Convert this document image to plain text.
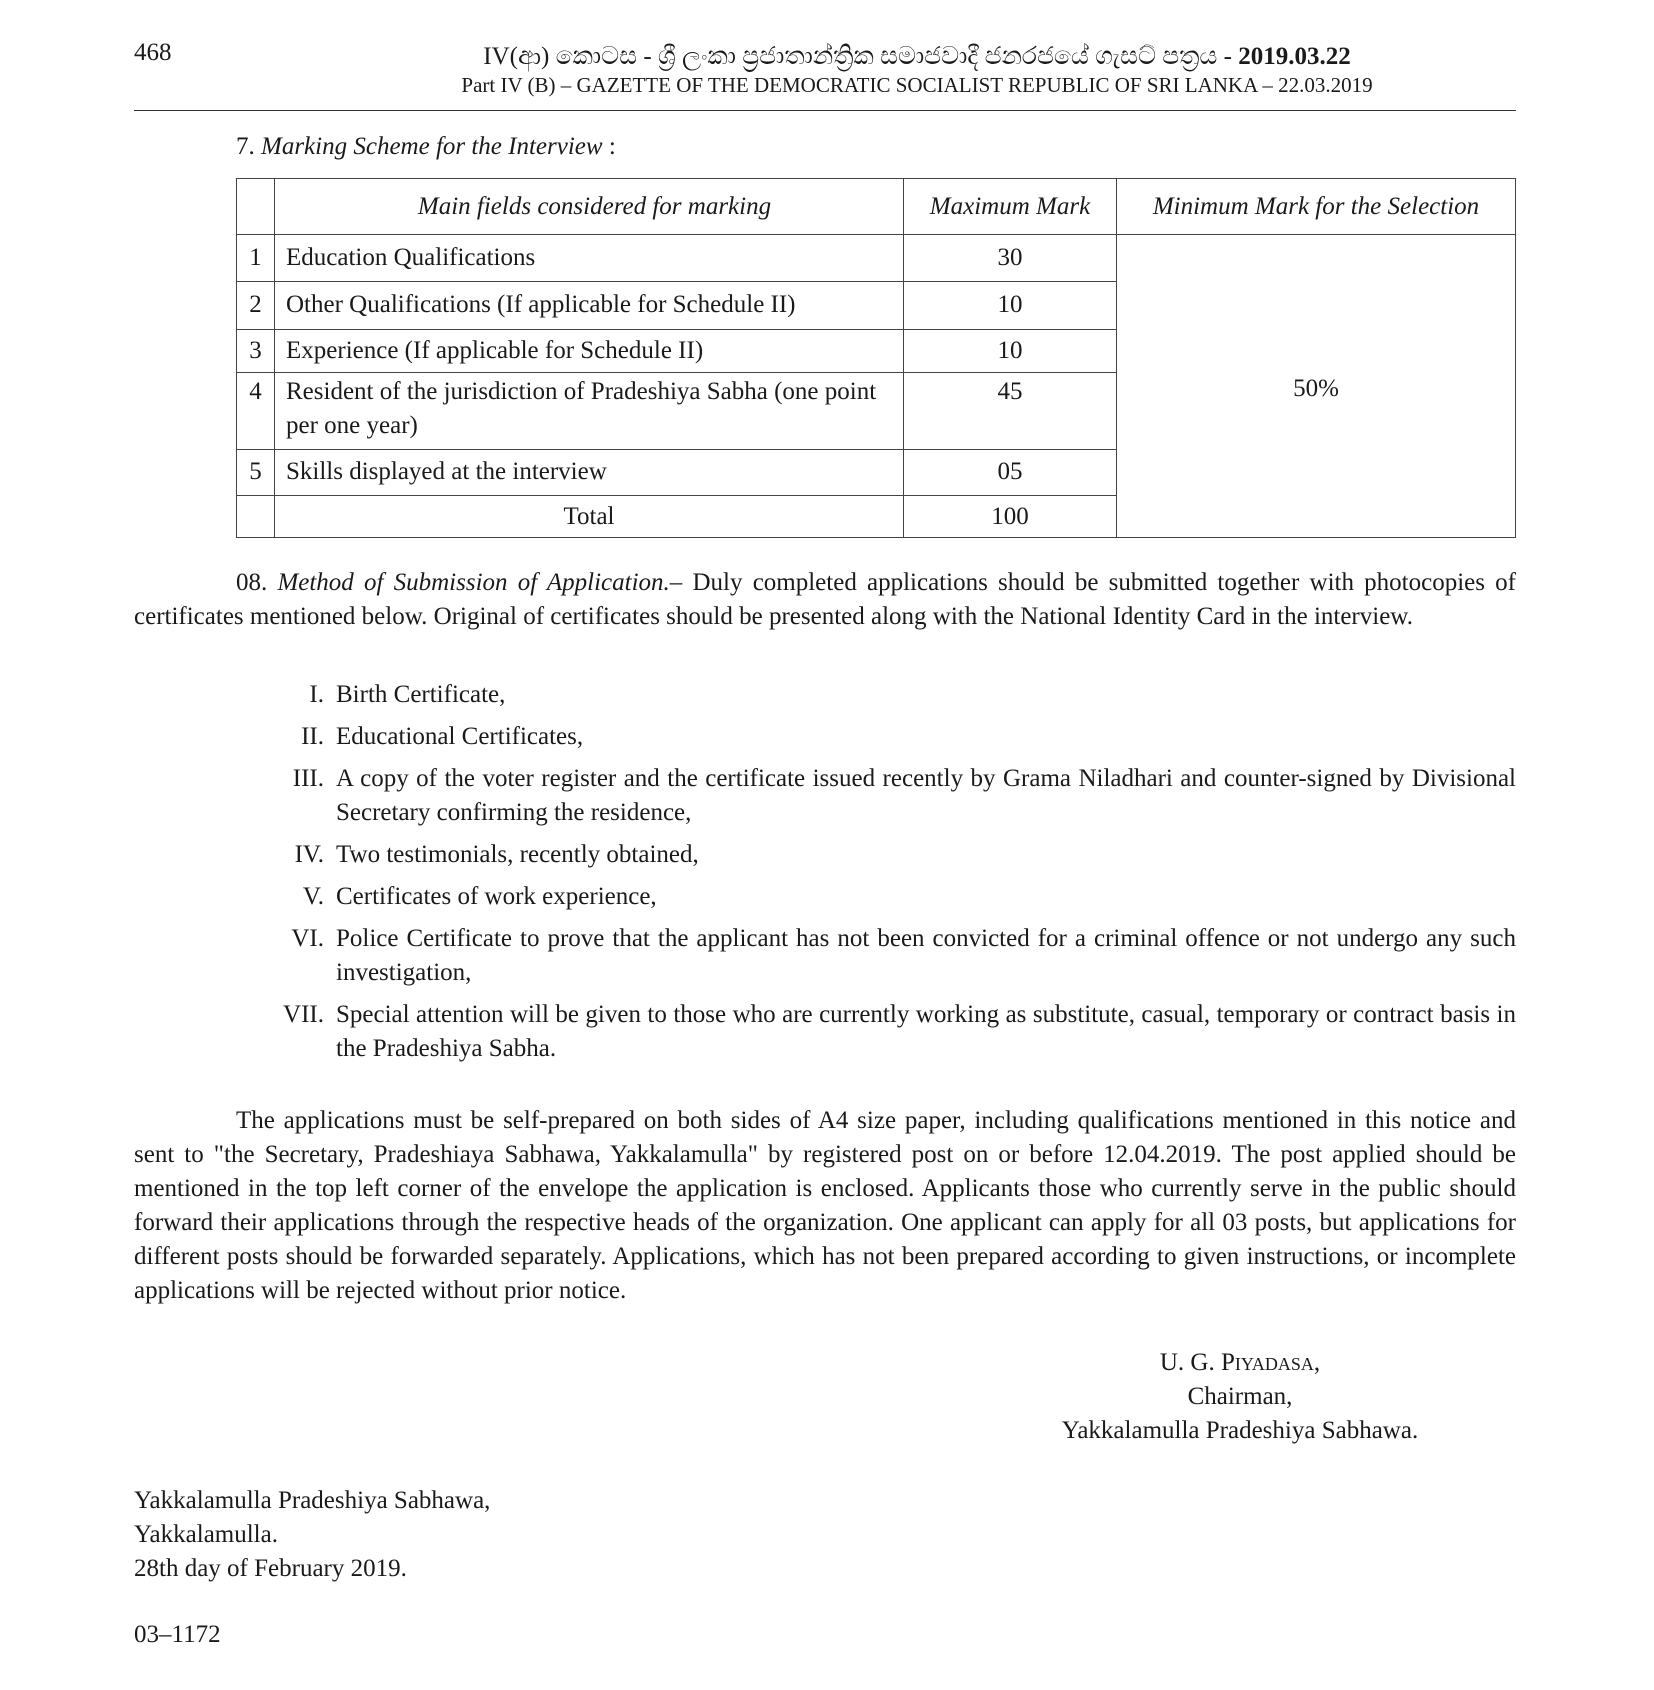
468	IV(ආ) කොටස - ශ්‍රී ලංකා ප්‍රජාතාන්ත්‍රික සමාජවාදී ජනරජයේ ගැසට් පත්‍රය - 2019.03.22
Part IV (B) – GAZETTE OF THE DEMOCRATIC SOCIALIST REPUBLIC OF SRI LANKA – 22.03.2019
7. Marking Scheme for the Interview :
	Main fields considered for marking	Maximum Mark	Minimum Mark for the Selection
1	Education Qualifications	30	50%
2	Other Qualifications (If applicable for Schedule II)	10	
3	Experience (If applicable for Schedule II)	10	
4	Resident of the jurisdiction of Pradeshiya Sabha (one point per one year)	45	
5	Skills displayed at the interview	05	
	Total	100	
08. Method of Submission of Application.– Duly completed applications should be submitted together with photocopies of certificates mentioned below. Original of certificates should be presented along with the National Identity Card in the interview.
I. Birth Certificate,
II. Educational Certificates,
III. A copy of the voter register and the certificate issued recently by Grama Niladhari and counter-signed by Divisional Secretary confirming the residence,
IV. Two testimonials, recently obtained,
V. Certificates of work experience,
VI. Police Certificate to prove that the applicant has not been convicted for a criminal offence or not undergo any such investigation,
VII. Special attention will be given to those who are currently working as substitute, casual, temporary or contract basis in the Pradeshiya Sabha.
The applications must be self-prepared on both sides of A4 size paper, including qualifications mentioned in this notice and sent to "the Secretary, Pradeshiaya Sabhawa, Yakkalamulla" by registered post on or before 12.04.2019. The post applied should be mentioned in the top left corner of the envelope the application is enclosed. Applicants those who currently serve in the public should forward their applications through the respective heads of the organization. One applicant can apply for all 03 posts, but applications for different posts should be forwarded separately. Applications, which has not been prepared according to given instructions, or incomplete applications will be rejected without prior notice.
U. G. Piyadasa,
Chairman,
Yakkalamulla Pradeshiya Sabhawa.
Yakkalamulla Pradeshiya Sabhawa,
Yakkalamulla.
28th day of February 2019.
03–1172
